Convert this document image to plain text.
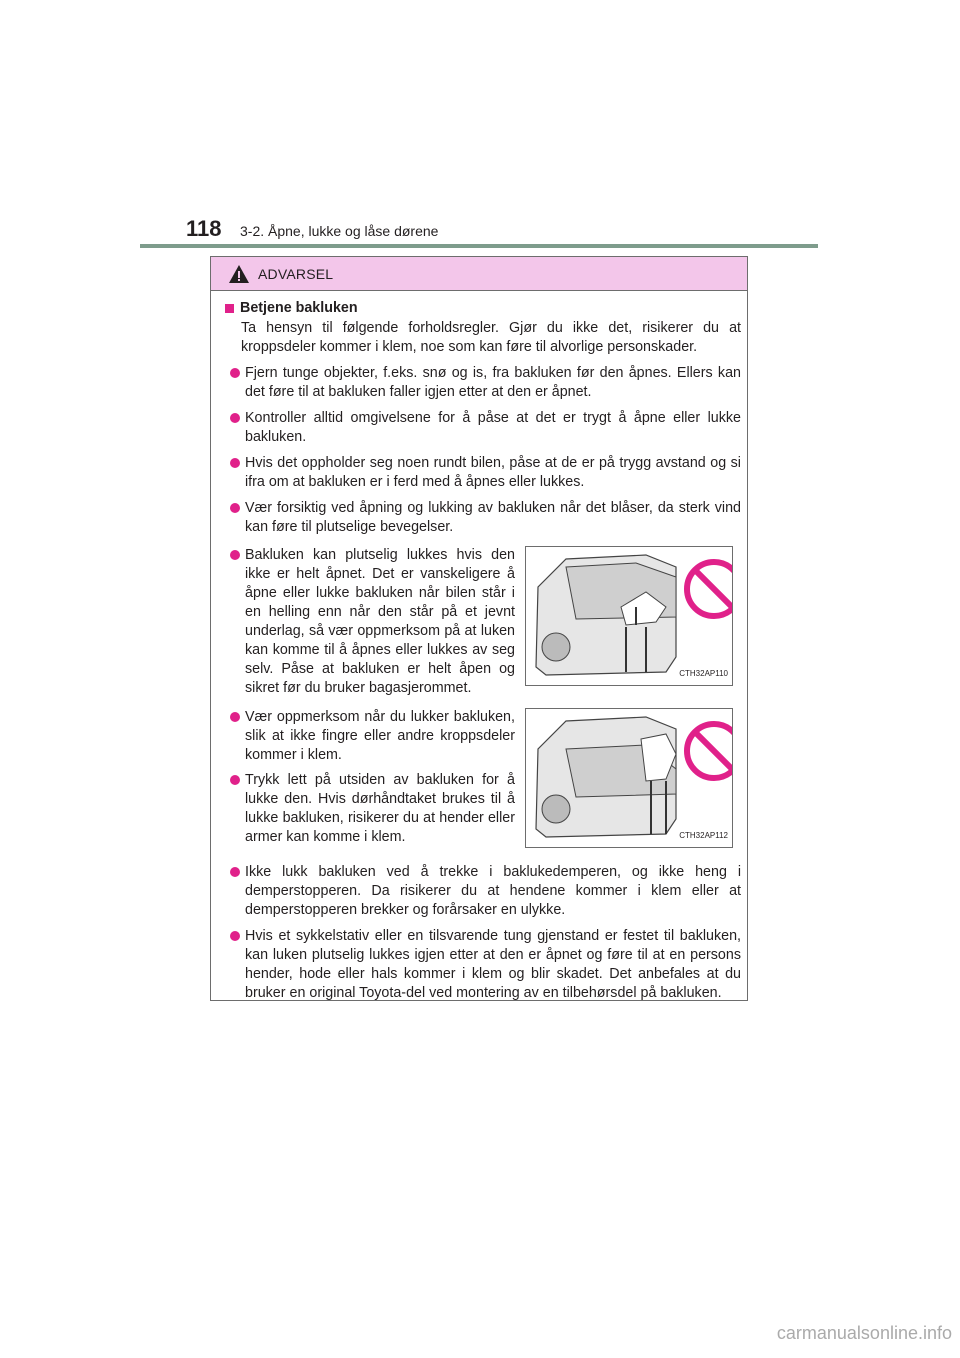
118 3-2. Åpne, lukke og låse dørene
ADVARSEL
Betjene bakluken
Ta hensyn til følgende forholdsregler. Gjør du ikke det, risikerer du at kroppsdeler kommer i klem, noe som kan føre til alvorlige personskader.
Fjern tunge objekter, f.eks. snø og is, fra bakluken før den åpnes. Ellers kan det føre til at bakluken faller igjen etter at den er åpnet.
Kontroller alltid omgivelsene for å påse at det er trygt å åpne eller lukke bakluken.
Hvis det oppholder seg noen rundt bilen, påse at de er på trygg avstand og si ifra om at bakluken er i ferd med å åpnes eller lukkes.
Vær forsiktig ved åpning og lukking av bakluken når det blåser, da sterk vind kan føre til plutselige bevegelser.
Bakluken kan plutselig lukkes hvis den ikke er helt åpnet. Det er vanskeligere å åpne eller lukke bakluken når bilen står i en helling enn når den står på et jevnt underlag, så vær oppmerksom på at luken kan komme til å åpnes eller lukkes av seg selv. Påse at bakluken er helt åpen og sikret før du bruker bagasjerommet.
CTH32AP110
Vær oppmerksom når du lukker bakluken, slik at ikke fingre eller andre kroppsdeler kommer i klem.
Trykk lett på utsiden av bakluken for å lukke den. Hvis dørhåndtaket brukes til å lukke bakluken, risikerer du at hender eller armer kan komme i klem.	CTH32AP112
Ikke lukk bakluken ved å trekke i baklukedemperen, og ikke heng i demperstopperen. Da risikerer du at hendene kommer i klem eller at demperstopperen brekker og forårsaker en ulykke.
Hvis et sykkelstativ eller en tilsvarende tung gjenstand er festet til bakluken, kan luken plutselig lukkes igjen etter at den er åpnet og føre til at en persons hender, hode eller hals kommer i klem og blir skadet. Det anbefales at du bruker en original Toyota-del ved montering av en tilbehørsdel på bakluken.
carmanualsonline.info
